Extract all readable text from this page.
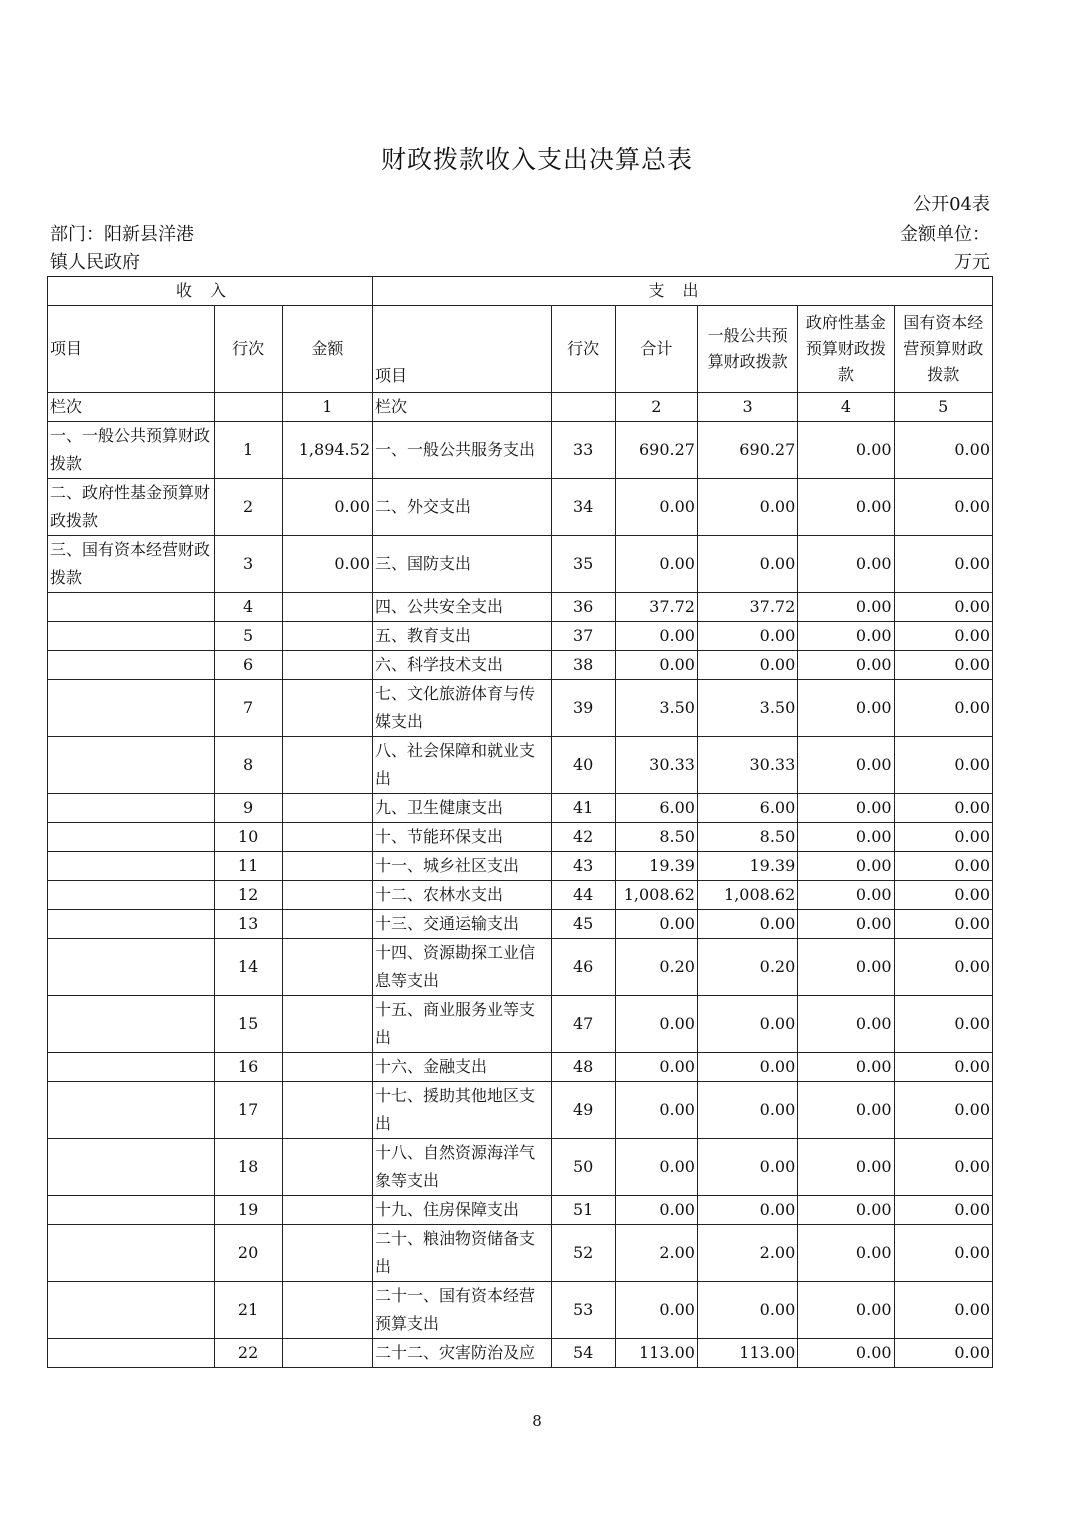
财政拨款收入支出决算总表
公开04表
部门：阳新县洋港
镇人民政府
金额单位：
万元
收入			支出					
项目	行次	金额	项目	行次	合计	一般公共预算财政拨款	政府性基金预算财政拨款	国有资本经营预算财政拨款
栏次		1	栏次		2	3	4	5
一、一般公共预算财政拨款	1	1,894.52	一、一般公共服务支出	33	690.27	690.27	0.00	0.00
二、政府性基金预算财政拨款	2	0.00	二、外交支出	34	0.00	0.00	0.00	0.00
三、国有资本经营财政拨款	3	0.00	三、国防支出	35	0.00	0.00	0.00	0.00
	4		四、公共安全支出	36	37.72	37.72	0.00	0.00
	5		五、教育支出	37	0.00	0.00	0.00	0.00
	6		六、科学技术支出	38	0.00	0.00	0.00	0.00
	7		七、文化旅游体育与传媒支出	39	3.50	3.50	0.00	0.00
	8		八、社会保障和就业支出	40	30.33	30.33	0.00	0.00
	9		九、卫生健康支出	41	6.00	6.00	0.00	0.00
	10		十、节能环保支出	42	8.50	8.50	0.00	0.00
	11		十一、城乡社区支出	43	19.39	19.39	0.00	0.00
	12		十二、农林水支出	44	1,008.62	1,008.62	0.00	0.00
	13		十三、交通运输支出	45	0.00	0.00	0.00	0.00
	14		十四、资源勘探工业信息等支出	46	0.20	0.20	0.00	0.00
	15		十五、商业服务业等支出	47	0.00	0.00	0.00	0.00
	16		十六、金融支出	48	0.00	0.00	0.00	0.00
	17		十七、援助其他地区支出	49	0.00	0.00	0.00	0.00
	18		十八、自然资源海洋气象等支出	50	0.00	0.00	0.00	0.00
	19		十九、住房保障支出	51	0.00	0.00	0.00	0.00
	20		二十、粮油物资储备支出	52	2.00	2.00	0.00	0.00
	21		二十一、国有资本经营预算支出	53	0.00	0.00	0.00	0.00
	22		二十二、灾害防治及应	54	113.00	113.00	0.00	0.00
8
